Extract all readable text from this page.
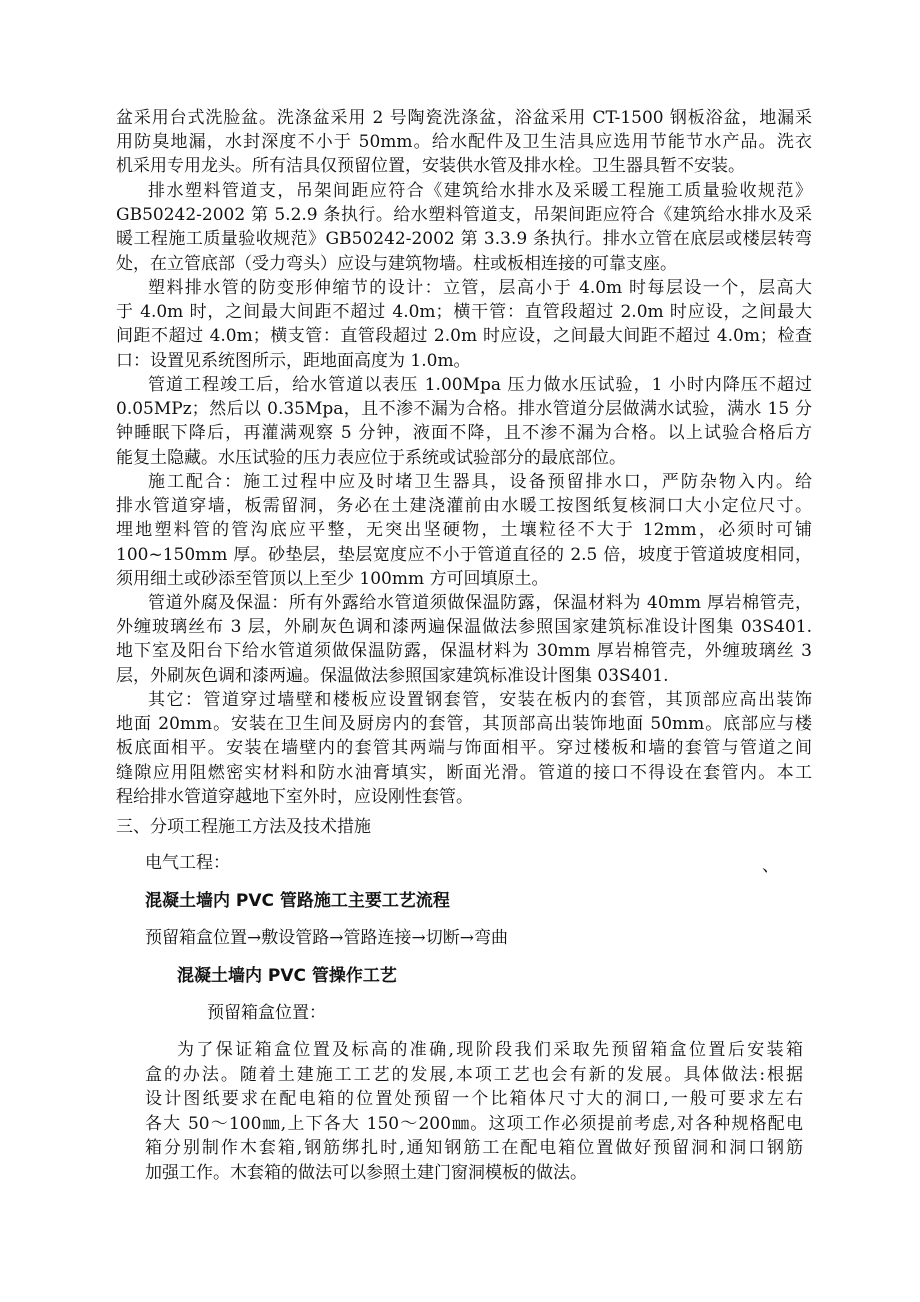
盆采用台式洗脸盆。洗涤盆采用 2 号陶瓷洗涤盆，浴盆采用 CT-1500 钢板浴盆，地漏采
用防臭地漏，水封深度不小于 50mm。给水配件及卫生洁具应选用节能节水产品。洗衣
机采用专用龙头。所有洁具仅预留位置，安装供水管及排水栓。卫生器具暂不安装。
排水塑料管道支，吊架间距应符合《建筑给水排水及采暖工程施工质量验收规范》
GB50242-2002 第 5.2.9 条执行。给水塑料管道支，吊架间距应符合《建筑给水排水及采
暖工程施工质量验收规范》GB50242-2002 第 3.3.9 条执行。排水立管在底层或楼层转弯
处，在立管底部（受力弯头）应设与建筑物墙。柱或板相连接的可靠支座。
塑料排水管的防变形伸缩节的设计：立管，层高小于 4.0m 时每层设一个，层高大
于 4.0m 时，之间最大间距不超过 4.0m；横干管：直管段超过 2.0m 时应设，之间最大
间距不超过 4.0m；横支管：直管段超过 2.0m 时应设，之间最大间距不超过 4.0m；检查
口：设置见系统图所示，距地面高度为 1.0m。
管道工程竣工后，给水管道以表压 1.00Mpa 压力做水压试验，1 小时内降压不超过
0.05MPz；然后以 0.35Mpa，且不渗不漏为合格。排水管道分层做满水试验，满水 15 分
钟睡眠下降后，再灌满观察 5 分钟，液面不降，且不渗不漏为合格。以上试验合格后方
能复土隐藏。水压试验的压力表应位于系统或试验部分的最底部位。
施工配合：施工过程中应及时堵卫生器具，设备预留排水口，严防杂物入内。给
排水管道穿墙，板需留洞，务必在土建浇灌前由水暖工按图纸复核洞口大小定位尺寸。
埋地塑料管的管沟底应平整，无突出坚硬物，土壤粒径不大于 12mm，必须时可铺
100~150mm 厚。砂垫层，垫层宽度应不小于管道直径的 2.5 倍，坡度于管道坡度相同，
须用细土或砂添至管顶以上至少 100mm 方可回填原土。
管道外腐及保温：所有外露给水管道须做保温防露，保温材料为 40mm 厚岩棉管壳，
外缠玻璃丝布 3 层，外刷灰色调和漆两遍保温做法参照国家建筑标准设计图集 03S401.
地下室及阳台下给水管道须做保温防露，保温材料为 30mm 厚岩棉管壳，外缠玻璃丝 3
层，外刷灰色调和漆两遍。保温做法参照国家建筑标准设计图集 03S401.
其它：管道穿过墙壁和楼板应设置钢套管，安装在板内的套管，其顶部应高出装饰
地面 20mm。安装在卫生间及厨房内的套管，其顶部高出装饰地面 50mm。底部应与楼
板底面相平。安装在墙壁内的套管其两端与饰面相平。穿过楼板和墙的套管与管道之间
缝隙应用阻燃密实材料和防水油膏填实，断面光滑。管道的接口不得设在套管内。本工
程给排水管道穿越地下室外时，应设刚性套管。

三、分项工程施工方法及技术措施

电气工程：	、

混凝土墙内 PVC 管路施工主要工艺流程

预留箱盒位置→敷设管路→管路连接→切断→弯曲

混凝土墙内 PVC 管操作工艺

预留箱盒位置：

为了保证箱盒位置及标高的准确,现阶段我们采取先预留箱盒位置后安装箱
盒的办法。随着土建施工工艺的发展,本项工艺也会有新的发展。具体做法:根据
设计图纸要求在配电箱的位置处预留一个比箱体尺寸大的洞口,一般可要求左右
各大 50～100㎜,上下各大 150～200㎜。这项工作必须提前考虑,对各种规格配电
箱分别制作木套箱,钢筋绑扎时,通知钢筋工在配电箱位置做好预留洞和洞口钢筋
加强工作。木套箱的做法可以参照土建门窗洞模板的做法。
